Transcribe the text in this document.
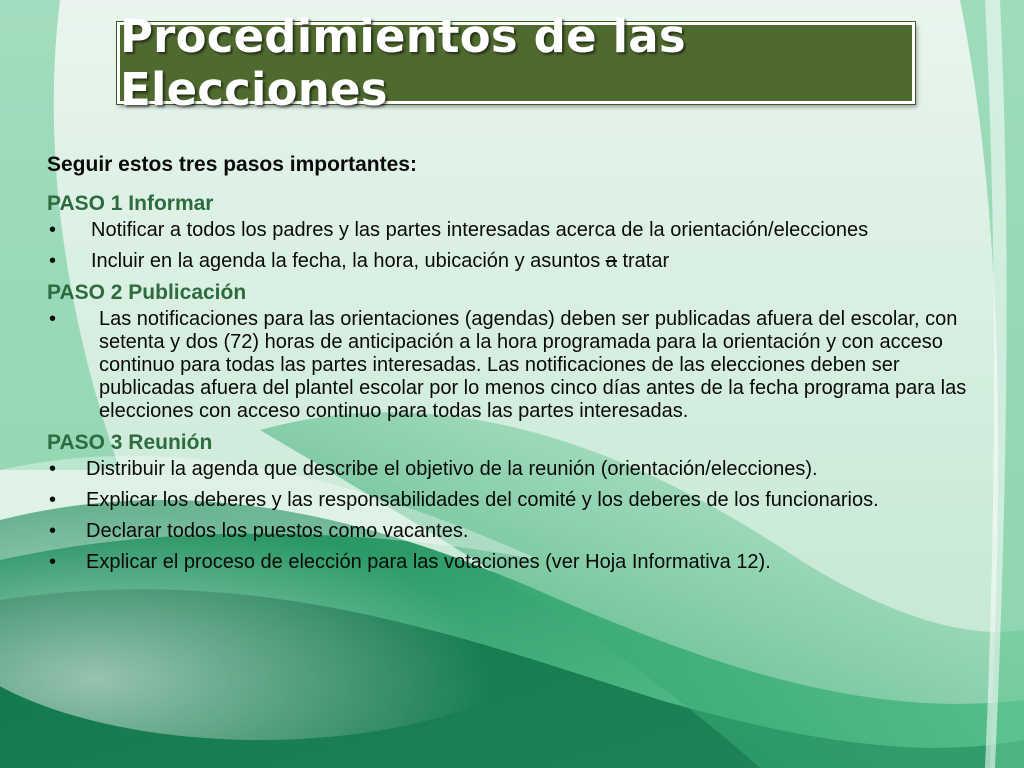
Procedimientos de las Elecciones
Seguir estos tres pasos importantes:
PASO 1 Informar
• Notificar a todos los padres y las partes interesadas acerca de la orientación/elecciones
• Incluir en la agenda la fecha, la hora, ubicación y asuntos a tratar
PASO 2 Publicación
• Las notificaciones para las orientaciones (agendas) deben ser publicadas afuera del escolar, con setenta y dos (72) horas de anticipación a la hora programada para la orientación y con acceso continuo para todas las partes interesadas. Las notificaciones de las elecciones deben ser publicadas afuera del plantel escolar por lo menos cinco días antes de la fecha programa para las elecciones con acceso continuo para todas las partes interesadas.
PASO 3 Reunión
• Distribuir la agenda que describe el objetivo de la reunión (orientación/elecciones).
• Explicar los deberes y las responsabilidades del comité y los deberes de los funcionarios.
• Declarar todos los puestos como vacantes.
• Explicar el proceso de elección para las votaciones (ver Hoja Informativa 12).
